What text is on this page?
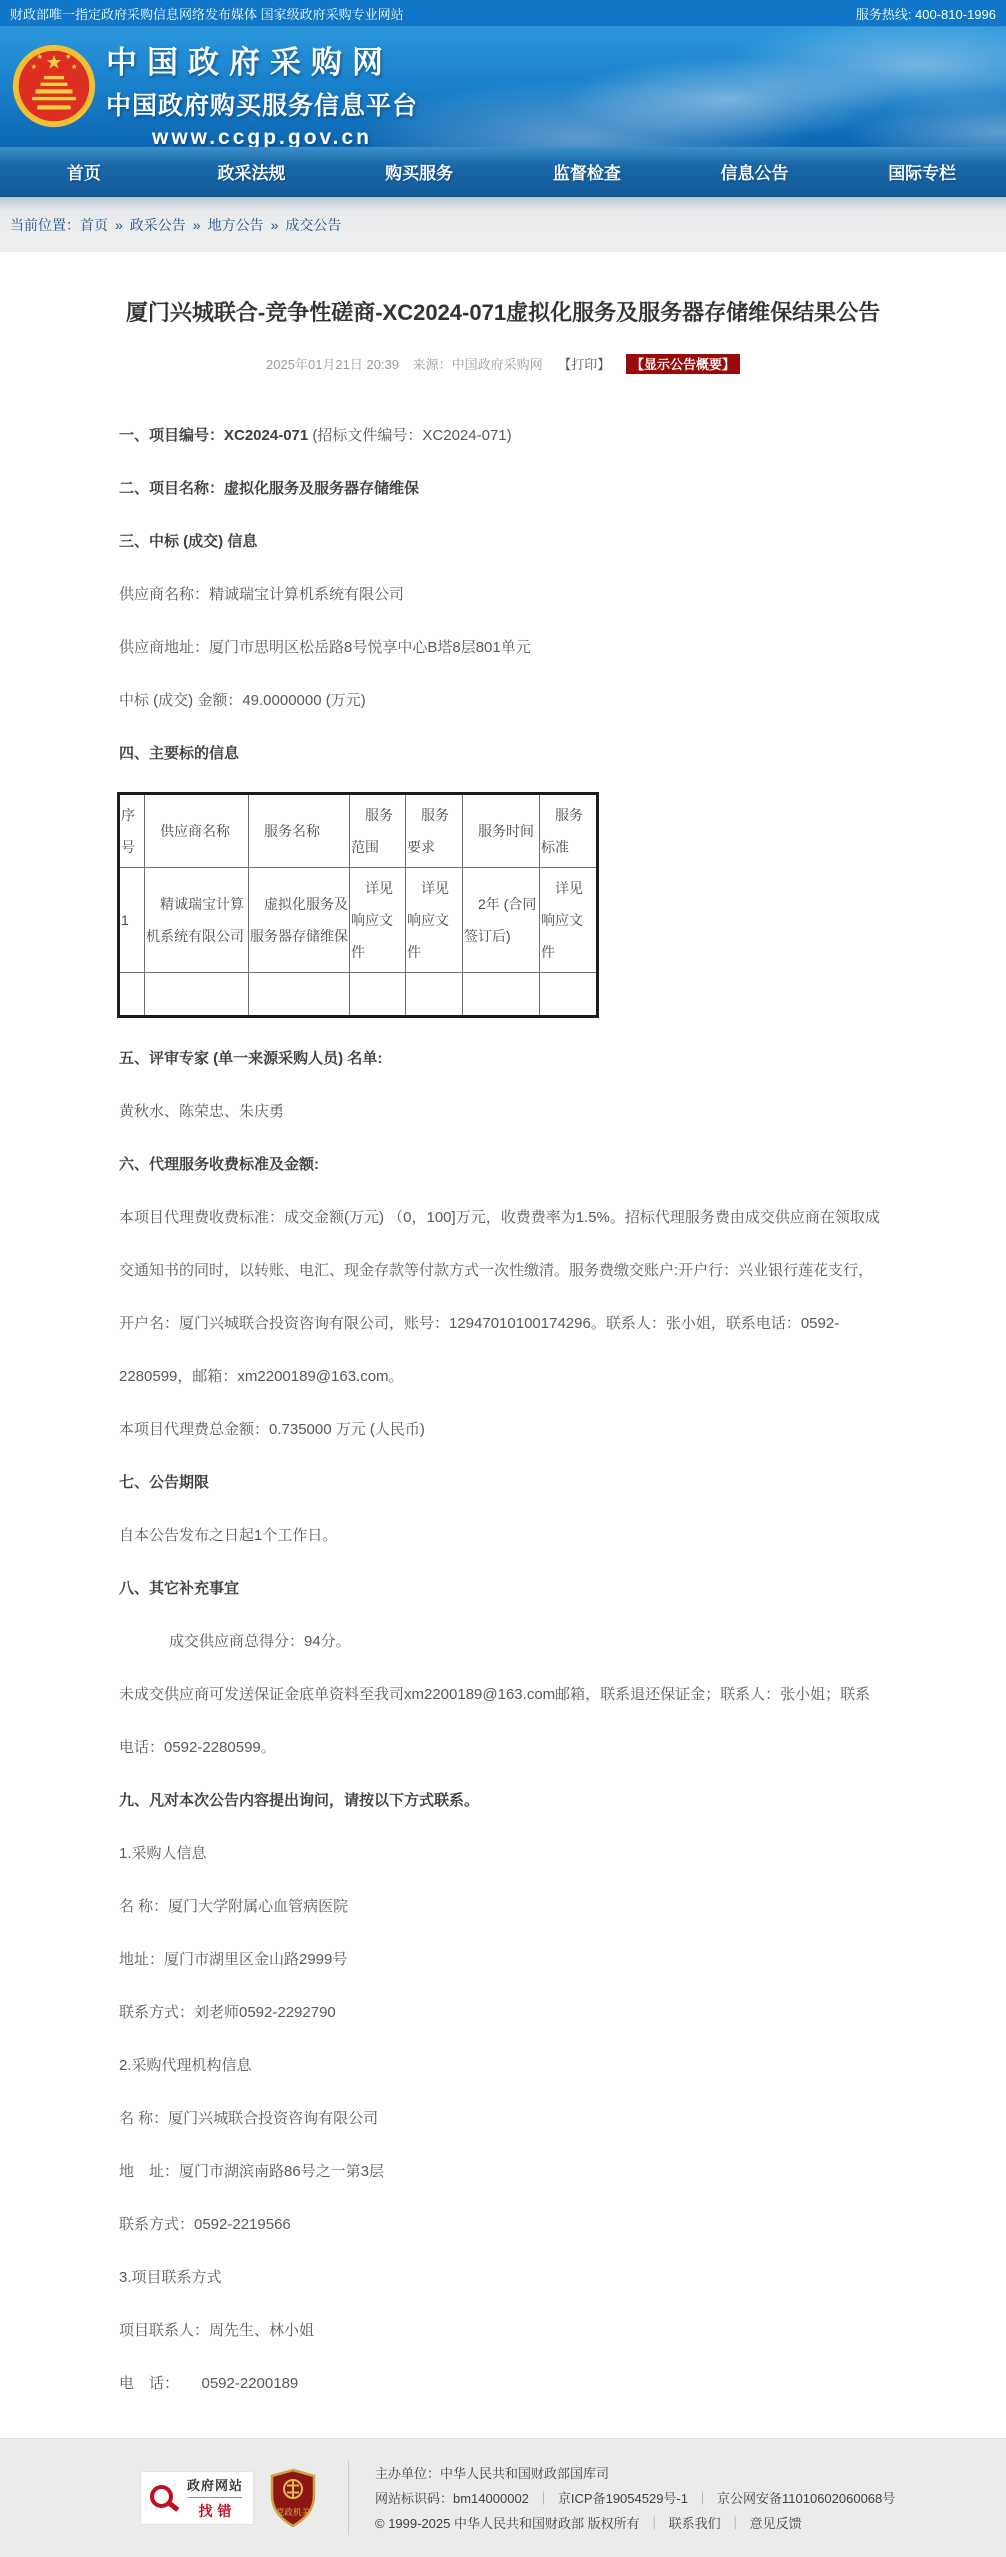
财政部唯一指定政府采购信息网络发布媒体 国家级政府采购专业网站	服务热线: 400-810-1996
中国政府采购网
中国政府购买服务信息平台
www.ccgp.gov.cn
首页	政采法规	购买服务	监督检查	信息公告	国际专栏
当前位置： 首页 » 政采公告 » 地方公告 » 成交公告
厦门兴城联合-竞争性磋商-XC2024-071虚拟化服务及服务器存储维保结果公告
2025年01月21日 20:39 来源：中国政府采购网 【打印】 【显示公告概要】

一、项目编号：XC2024-071 (招标文件编号：XC2024-071)

二、项目名称：虚拟化服务及服务器存储维保

三、中标 (成交) 信息

供应商名称：精诚瑞宝计算机系统有限公司

供应商地址：厦门市思明区松岳路8号悦享中心B塔8层801单元

中标 (成交) 金额：49.0000000 (万元)

四、主要标的信息

序号	供应商名称	服务名称	服务范围	服务要求	服务时间	服务标准
1	精诚瑞宝计算机系统有限公司	虚拟化服务及服务器存储维保	详见响应文件	详见响应文件	2年 (合同签订后)	详见响应文件

五、评审专家 (单一来源采购人员) 名单:

黄秋水、陈荣忠、朱庆勇

六、代理服务收费标准及金额:

本项目代理费收费标准：成交金额(万元) （0，100]万元，收费费率为1.5%。招标代理服务费由成交供应商在领取成交通知书的同时，以转账、电汇、现金存款等付款方式一次性缴清。服务费缴交账户:开户行：兴业银行莲花支行，开户名：厦门兴城联合投资咨询有限公司，账号：12947010100174296。联系人：张小姐，联系电话：0592-2280599，邮箱：xm2200189@163.com。

本项目代理费总金额：0.735000 万元 (人民币)

七、公告期限

自本公告发布之日起1个工作日。

八、其它补充事宜

成交供应商总得分：94分。

未成交供应商可发送保证金底单资料至我司xm2200189@163.com邮箱，联系退还保证金；联系人：张小姐；联系电话：0592-2280599。

九、凡对本次公告内容提出询问，请按以下方式联系。

1.采购人信息

名 称：厦门大学附属心血管病医院

地址：厦门市湖里区金山路2999号

联系方式：刘老师0592-2292790

2.采购代理机构信息

名 称：厦门兴城联合投资咨询有限公司

地　址：厦门市湖滨南路86号之一第3层

联系方式：0592-2219566

3.项目联系方式

项目联系人：周先生、林小姐

电　话：　　0592-2200189

政府网站
找错	党政机关
主办单位：中华人民共和国财政部国库司
网站标识码：bm14000002 ｜ 京ICP备19054529号-1 ｜ 京公网安备11010602060068号
© 1999-2025 中华人民共和国财政部 版权所有 ｜ 联系我们 ｜ 意见反馈
